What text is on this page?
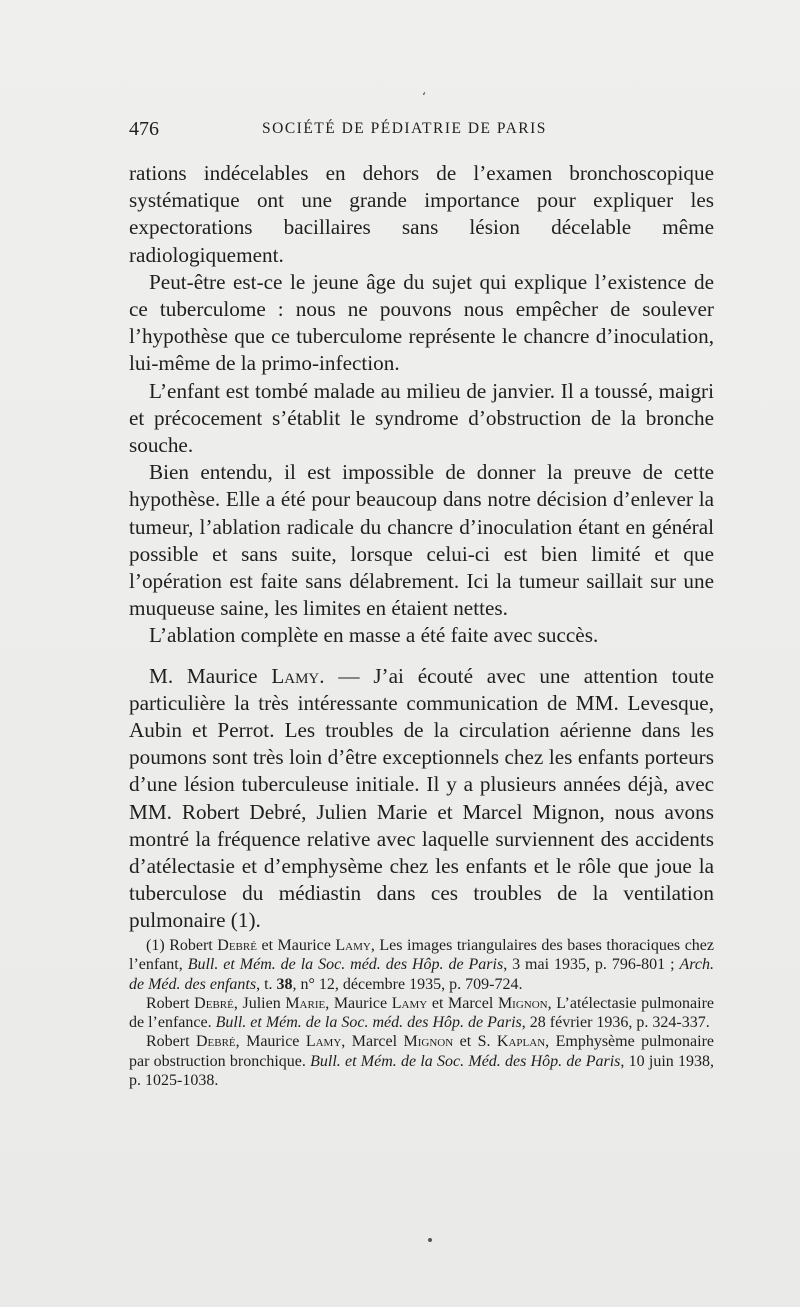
‘
476	SOCIÉTÉ DE PÉDIATRIE DE PARIS

rations indécelables en dehors de l’examen bronchoscopique systématique ont une grande importance pour expliquer les expectorations bacillaires sans lésion décelable même radiologiquement.

Peut-être est-ce le jeune âge du sujet qui explique l’existence de ce tuberculome : nous ne pouvons nous empêcher de soulever l’hypothèse que ce tuberculome représente le chancre d’inoculation, lui-même de la primo-infection.

L’enfant est tombé malade au milieu de janvier. Il a toussé, maigri et précocement s’établit le syndrome d’obstruction de la bronche souche.

Bien entendu, il est impossible de donner la preuve de cette hypothèse. Elle a été pour beaucoup dans notre décision d’enlever la tumeur, l’ablation radicale du chancre d’inoculation étant en général possible et sans suite, lorsque celui-ci est bien limité et que l’opération est faite sans délabrement. Ici la tumeur saillait sur une muqueuse saine, les limites en étaient nettes.

L’ablation complète en masse a été faite avec succès.

M. Maurice Lamy. — J’ai écouté avec une attention toute particulière la très intéressante communication de MM. Levesque, Aubin et Perrot. Les troubles de la circulation aérienne dans les poumons sont très loin d’être exceptionnels chez les enfants porteurs d’une lésion tuberculeuse initiale. Il y a plusieurs années déjà, avec MM. Robert Debré, Julien Marie et Marcel Mignon, nous avons montré la fréquence relative avec laquelle surviennent des accidents d’atélectasie et d’emphysème chez les enfants et le rôle que joue la tuberculose du médiastin dans ces troubles de la ventilation pulmonaire (1).

(1) Robert Debré et Maurice Lamy, Les images triangulaires des bases thoraciques chez l’enfant, Bull. et Mém. de la Soc. méd. des Hôp. de Paris, 3 mai 1935, p. 796-801 ; Arch. de Méd. des enfants, t. 38, n° 12, décembre 1935, p. 709-724.

Robert Debré, Julien Marie, Maurice Lamy et Marcel Mignon, L’atélectasie pulmonaire de l’enfance. Bull. et Mém. de la Soc. méd. des Hôp. de Paris, 28 février 1936, p. 324-337.

Robert Debré, Maurice Lamy, Marcel Mignon et S. Kaplan, Emphysème pulmonaire par obstruction bronchique. Bull. et Mém. de la Soc. Méd. des Hôp. de Paris, 10 juin 1938, p. 1025-1038.
